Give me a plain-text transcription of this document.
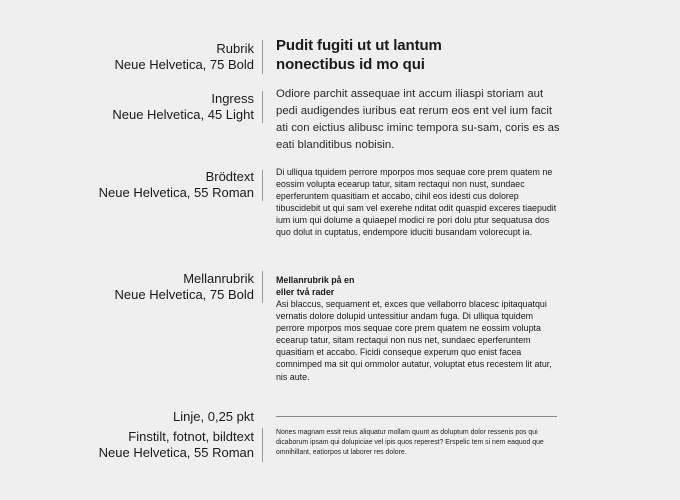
Rubrik
Neue Helvetica, 75 Bold
Pudit fugiti ut ut lantum
nonectibus id mo qui
Ingress
Neue Helvetica, 45 Light
Odiore parchit assequae int accum iliaspi storiam aut pedi audigendes iuribus eat rerum eos ent vel ium facit ati con eictius alibusc iminc tempora su-sam, coris es as eati blanditibus nobisin.
Brödtext
Neue Helvetica, 55 Roman
Di ulliqua tquidem perrore mporpos mos sequae core prem quatem ne eossim volupta ecearup tatur, sitam rectaqui non nust, sundaec eperferuntem quasitiam et accabo, cihil eos idesti cus dolorep tibuscidebit ut qui sam vel exerehe nditat odit quaspid exceres tiaepudit ium ium qui dolume a quiaepel modici re pori dolu ptur sequatusa dos quo dolut in cuptatus, endempore iduciti busandam volorecupt ia.
Mellanrubrik
Neue Helvetica, 75 Bold
Mellanrubrik på en
eller två rader
Asi blaccus, sequament et, exces que vellaborro blacesc ipitaquatqui vernatis dolore dolupid untessitiur andam fuga. Di ulliqua tquidem perrore mporpos mos sequae core prem quatem ne eossim volupta ecearup tatur, sitam rectaqui non nus net, sundaec eperferuntem quasitiam et accabo. Ficidi conseque experum quo enist facea comnimped ma sit qui ommolor autatur, voluptat etus recestem lit atur, nis aute.
Linje, 0,25 pkt
Finstilt, fotnot, bildtext
Neue Helvetica, 55 Roman
Nones magnam essit reius aliquatur mollam quunt as doluptum dolor ressenis pos qui dicaborum ipsam qui dolupiciae vel ipis quos reperest? Erspelic tem si nem eaquod que omnihillant, eatiorpos ut laborer res dolore.
